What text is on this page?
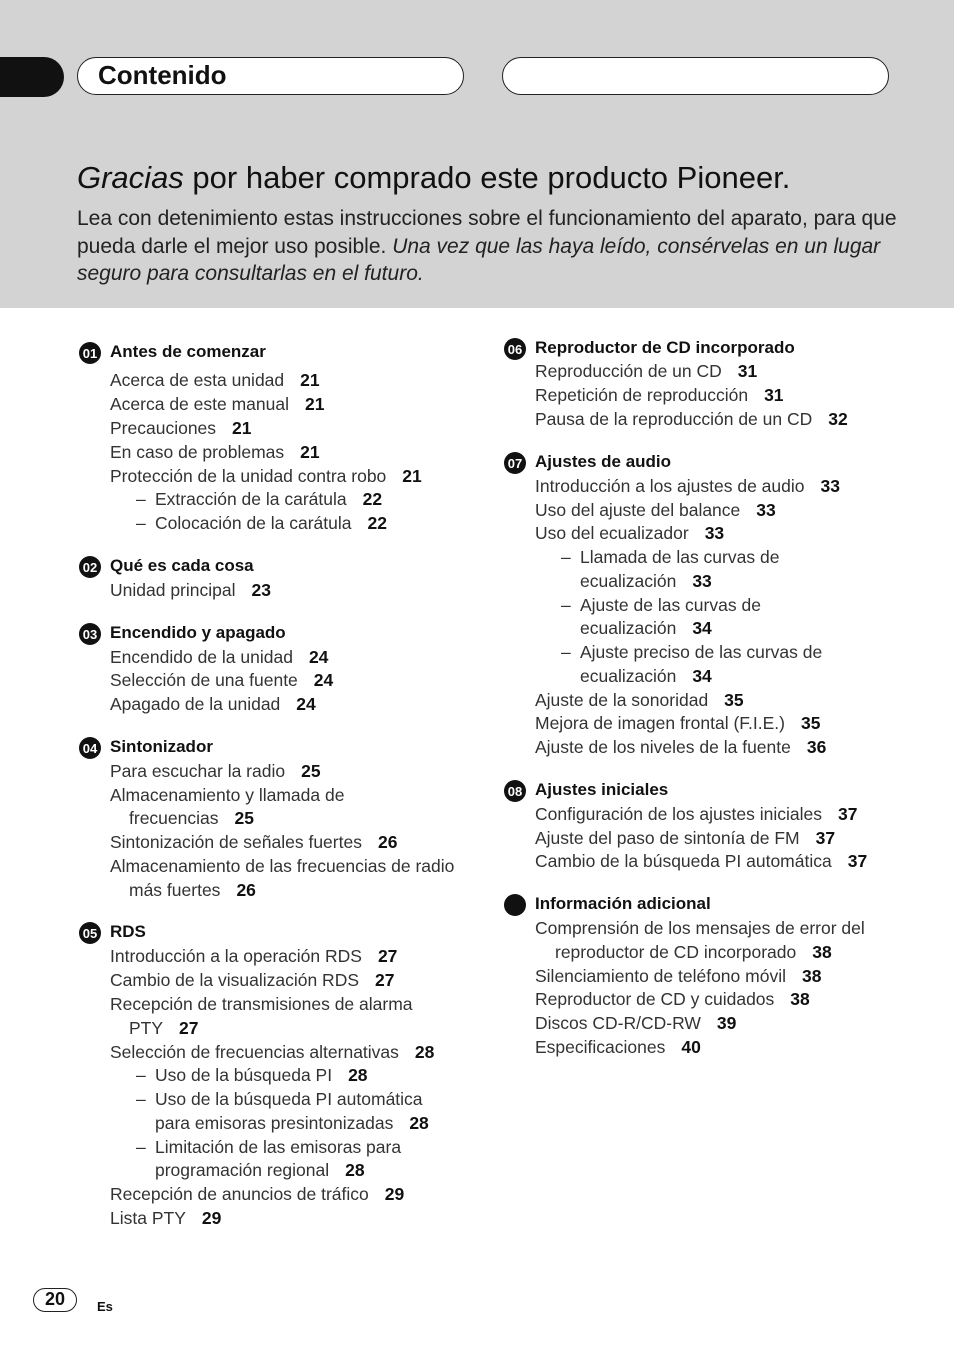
Contenido
Gracias por haber comprado este producto Pioneer.

Lea con detenimiento estas instrucciones sobre el funcionamiento del aparato, para que pueda darle el mejor uso posible. Una vez que las haya leído, consérvelas en un lugar seguro para consultarlas en el futuro.

01 Antes de comenzar
Acerca de esta unidad 21
Acerca de este manual 21
Precauciones 21
En caso de problemas 21
Protección de la unidad contra robo 21
– Extracción de la carátula 22
– Colocación de la carátula 22
02 Qué es cada cosa
Unidad principal 23
03 Encendido y apagado
Encendido de la unidad 24
Selección de una fuente 24
Apagado de la unidad 24
04 Sintonizador
Para escuchar la radio 25
Almacenamiento y llamada de
frecuencias 25
Sintonización de señales fuertes 26
Almacenamiento de las frecuencias de radio
más fuertes 26
05 RDS
Introducción a la operación RDS 27
Cambio de la visualización RDS 27
Recepción de transmisiones de alarma
PTY 27
Selección de frecuencias alternativas 28
– Uso de la búsqueda PI 28
– Uso de la búsqueda PI automática
para emisoras presintonizadas 28
– Limitación de las emisoras para
programación regional 28
Recepción de anuncios de tráfico 29
Lista PTY 29
06 Reproductor de CD incorporado
Reproducción de un CD 31
Repetición de reproducción 31
Pausa de la reproducción de un CD 32
07 Ajustes de audio
Introducción a los ajustes de audio 33
Uso del ajuste del balance 33
Uso del ecualizador 33
– Llamada de las curvas de
ecualización 33
– Ajuste de las curvas de
ecualización 34
– Ajuste preciso de las curvas de
ecualización 34
Ajuste de la sonoridad 35
Mejora de imagen frontal (F.I.E.) 35
Ajuste de los niveles de la fuente 36
08 Ajustes iniciales
Configuración de los ajustes iniciales 37
Ajuste del paso de sintonía de FM 37
Cambio de la búsqueda PI automática 37
Información adicional
Comprensión de los mensajes de error del
reproductor de CD incorporado 38
Silenciamiento de teléfono móvil 38
Reproductor de CD y cuidados 38
Discos CD-R/CD-RW 39
Especificaciones 40
20	Es
